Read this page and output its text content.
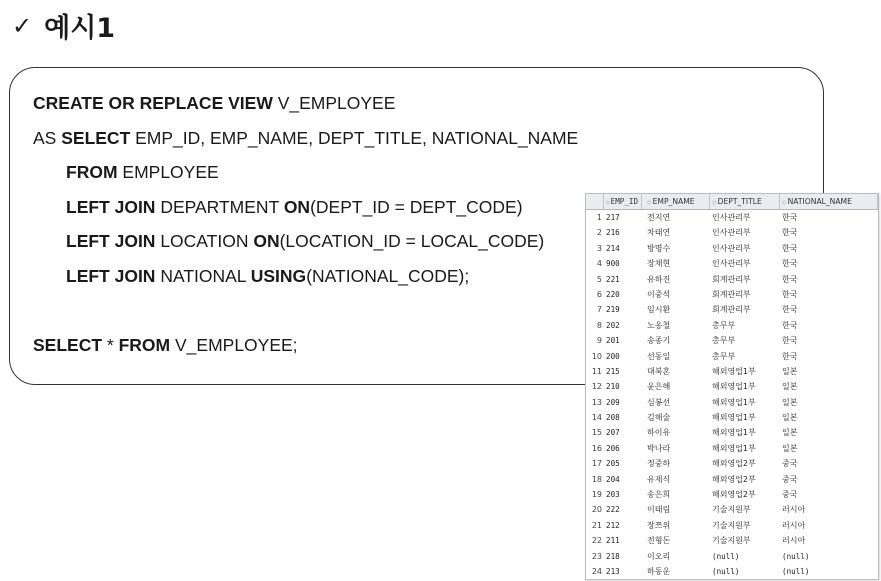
✓ 예시1
CREATE OR REPLACE VIEW V_EMPLOYEE
AS SELECT EMP_ID, EMP_NAME, DEPT_TITLE, NATIONAL_NAME
FROM EMPLOYEE
LEFT JOIN DEPARTMENT ON(DEPT_ID = DEPT_CODE)
LEFT JOIN LOCATION ON(LOCATION_ID = LOCAL_CODE)
LEFT JOIN NATIONAL USING(NATIONAL_CODE);
SELECT * FROM V_EMPLOYEE;
◇EMP_ID	◇EMP_NAME	◇DEPT_TITLE	◇NATIONAL_NAME
1 217	전지연	인사관리부	한국
2 216	차태연	인사관리부	한국
3 214	방명수	인사관리부	한국
4 900	장채현	인사관리부	한국
5 221	유하진	회계관리부	한국
6 220	이중석	회계관리부	한국
7 219	임시환	회계관리부	한국
8 202	노옹철	총무부	한국
9 201	송종기	총무부	한국
10 200	선동일	총무부	한국
11 215	대북혼	해외영업1부	일본
12 210	윤은해	해외영업1부	일본
13 209	심봉선	해외영업1부	일본
14 208	김해술	해외영업1부	일본
15 207	하이유	해외영업1부	일본
16 206	박나라	해외영업1부	일본
17 205	정중하	해외영업2부	중국
18 204	유재식	해외영업2부	중국
19 203	송은희	해외영업2부	중국
20 222	이태림	기술지원부	러시아
21 212	장쯔위	기술지원부	러시아
22 211	전형돈	기술지원부	러시아
23 218	이오리	(null)	(null)
24 213	하동운	(null)	(null)
